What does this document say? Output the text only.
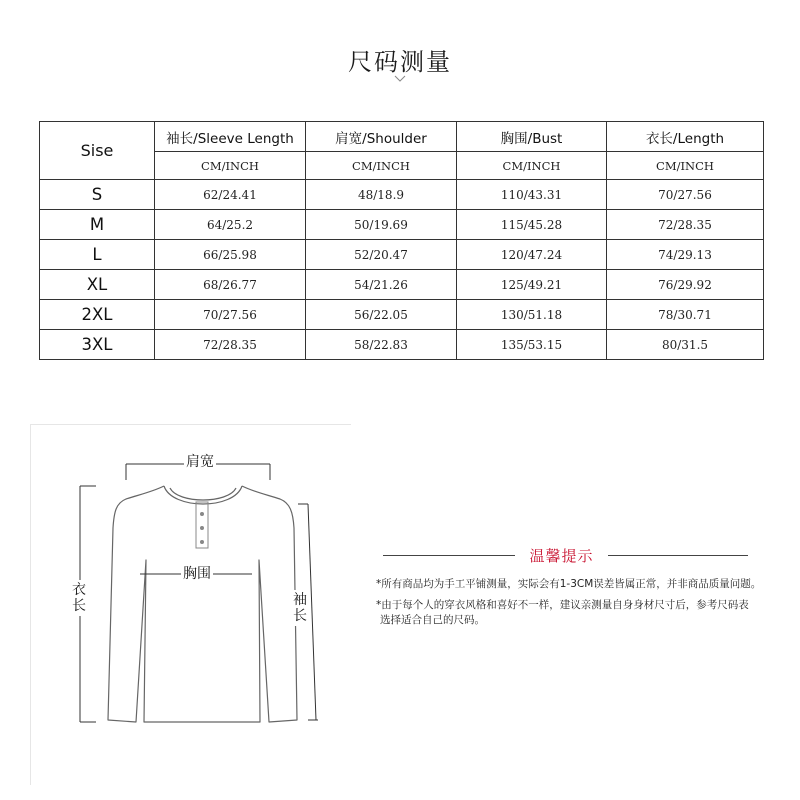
尺码测量
Sise	袖长/Sleeve Length	肩宽/Shoulder	胸围/Bust	衣长/Length
	CM/INCH	CM/INCH	CM/INCH	CM/INCH
S	62/24.41	48/18.9	110/43.31	70/27.56
M	64/25.2	50/19.69	115/45.28	72/28.35
L	66/25.98	52/20.47	120/47.24	74/29.13
XL	68/26.77	54/21.26	125/49.21	76/29.92
2XL	70/27.56	56/22.05	130/51.18	78/30.71
3XL	72/28.35	58/22.83	135/53.15	80/31.5
肩宽
胸围
衣长	袖长
温馨提示
*所有商品均为手工平铺测量，实际会有1-3CM误差皆属正常，并非商品质量问题。
*由于每个人的穿衣风格和喜好不一样，建议亲测量自身身材尺寸后，参考尺码表
选择适合自己的尺码。
